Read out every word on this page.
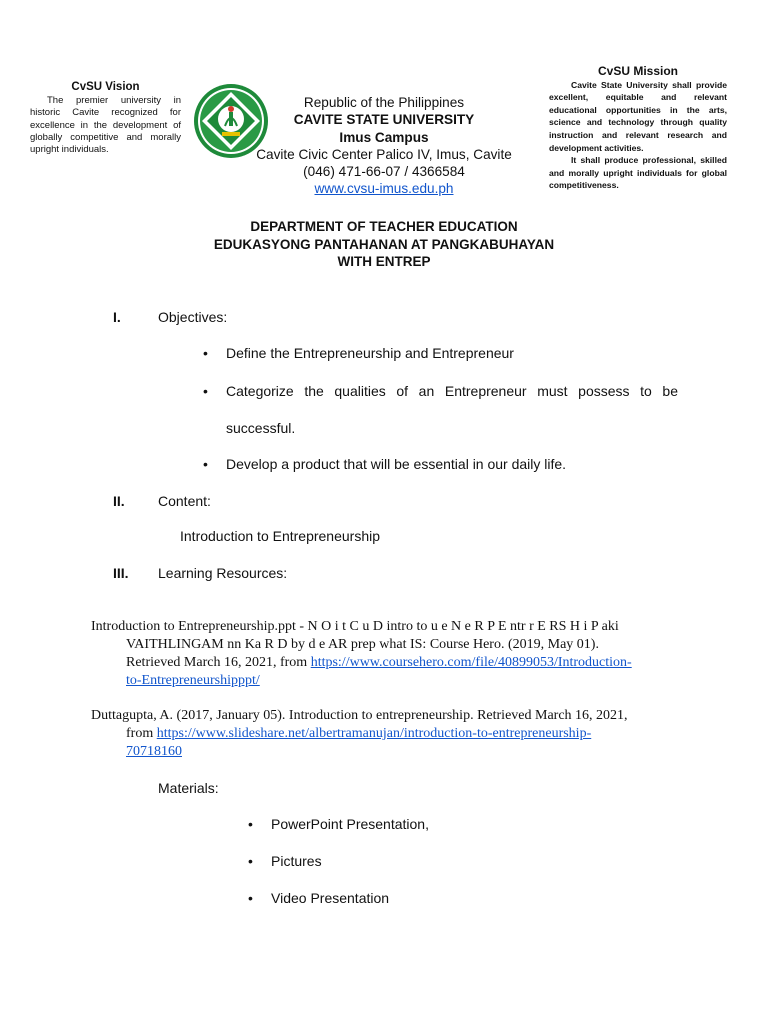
CvSU Vision

The premier university in historic Cavite recognized for excellence in the development of globally competitive and morally upright individuals.

Republic of the Philippines
CAVITE STATE UNIVERSITY
Imus Campus
Cavite Civic Center Palico IV, Imus, Cavite
(046) 471-66-07 / 4366584
www.cvsu-imus.edu.ph
CvSU Mission

Cavite State University shall provide excellent, equitable and relevant educational opportunities in the arts, science and technology through quality instruction and relevant research and development activities.

It shall produce professional, skilled and morally upright individuals for global competitiveness.

DEPARTMENT OF TEACHER EDUCATION
EDUKASYONG PANTAHANAN AT PANGKABUHAYAN
WITH ENTREP
I.	Objectives:
• Define the Entrepreneurship and Entrepreneur
• Categorize the qualities of an Entrepreneur must possess to be
successful.
• Develop a product that will be essential in our daily life.
II. Content:
Introduction to Entrepreneurship
III. Learning Resources:
Introduction to Entrepreneurship.ppt - N O i t C u D intro to u e N e R P E ntr r E RS H i P aki
VAITHLINGAM nn Ka R D by d e AR prep what IS: Course Hero. (2019, May 01).
Retrieved March 16, 2021, from https://www.coursehero.com/file/40899053/Introduction-
to-Entrepreneurshipppt/
Duttagupta, A. (2017, January 05). Introduction to entrepreneurship. Retrieved March 16, 2021,
from https://www.slideshare.net/albertramanujan/introduction-to-entrepreneurship-
70718160
Materials:
• PowerPoint Presentation,
• Pictures
• Video Presentation
